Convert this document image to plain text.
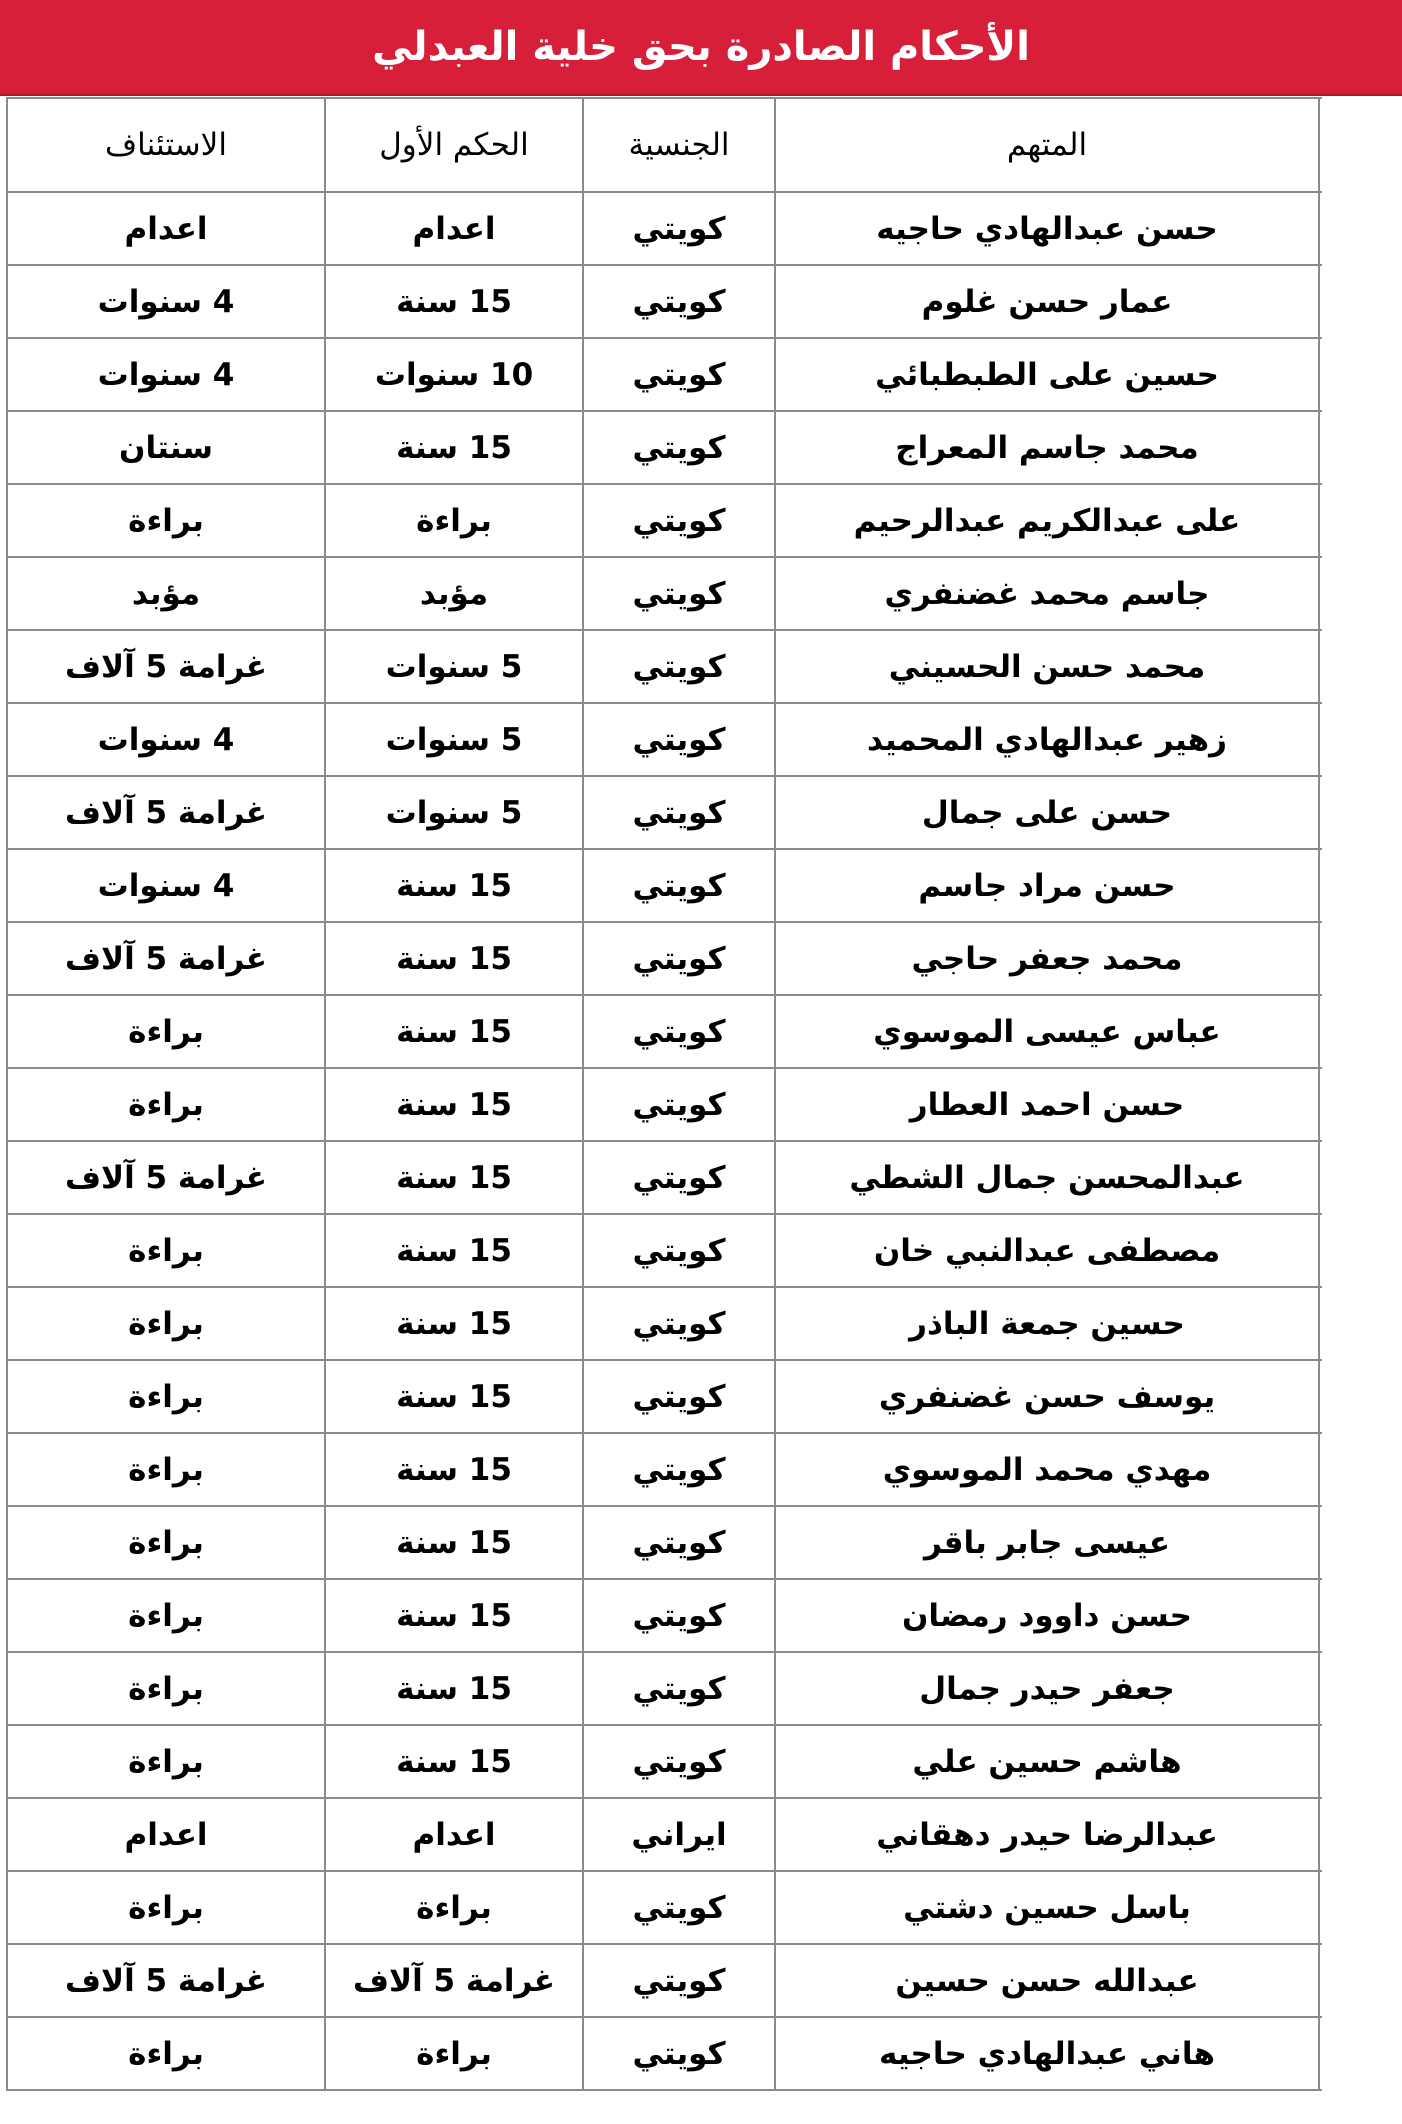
الأحكام الصادرة بحق خلية العبدلي
	المتهم	الجنسية	الحكم الأول	الاستئناف
	حسن عبدالهادي حاجيه	كويتي	اعدام	اعدام
	عمار حسن غلوم	كويتي	15 سنة	4 سنوات
	حسين على الطبطبائي	كويتي	10 سنوات	4 سنوات
	محمد جاسم المعراج	كويتي	15 سنة	سنتان
	على عبدالكريم عبدالرحيم	كويتي	براءة	براءة
	جاسم محمد غضنفري	كويتي	مؤبد	مؤبد
	محمد حسن الحسيني	كويتي	5 سنوات	غرامة 5 آلاف
	زهير عبدالهادي المحميد	كويتي	5 سنوات	4 سنوات
	حسن على جمال	كويتي	5 سنوات	غرامة 5 آلاف
	حسن مراد جاسم	كويتي	15 سنة	4 سنوات
	محمد جعفر حاجي	كويتي	15 سنة	غرامة 5 آلاف
	عباس عيسى الموسوي	كويتي	15 سنة	براءة
	حسن احمد العطار	كويتي	15 سنة	براءة
	عبدالمحسن جمال الشطي	كويتي	15 سنة	غرامة 5 آلاف
	مصطفى عبدالنبي خان	كويتي	15 سنة	براءة
	حسين جمعة الباذر	كويتي	15 سنة	براءة
	يوسف حسن غضنفري	كويتي	15 سنة	براءة
	مهدي محمد الموسوي	كويتي	15 سنة	براءة
	عيسى جابر باقر	كويتي	15 سنة	براءة
	حسن داوود رمضان	كويتي	15 سنة	براءة
	جعفر حيدر جمال	كويتي	15 سنة	براءة
	هاشم حسين علي	كويتي	15 سنة	براءة
	عبدالرضا حيدر دهقاني	ايراني	اعدام	اعدام
	باسل حسين دشتي	كويتي	براءة	براءة
	عبدالله حسن حسين	كويتي	غرامة 5 آلاف	غرامة 5 آلاف
	هاني عبدالهادي حاجيه	كويتي	براءة	براءة
